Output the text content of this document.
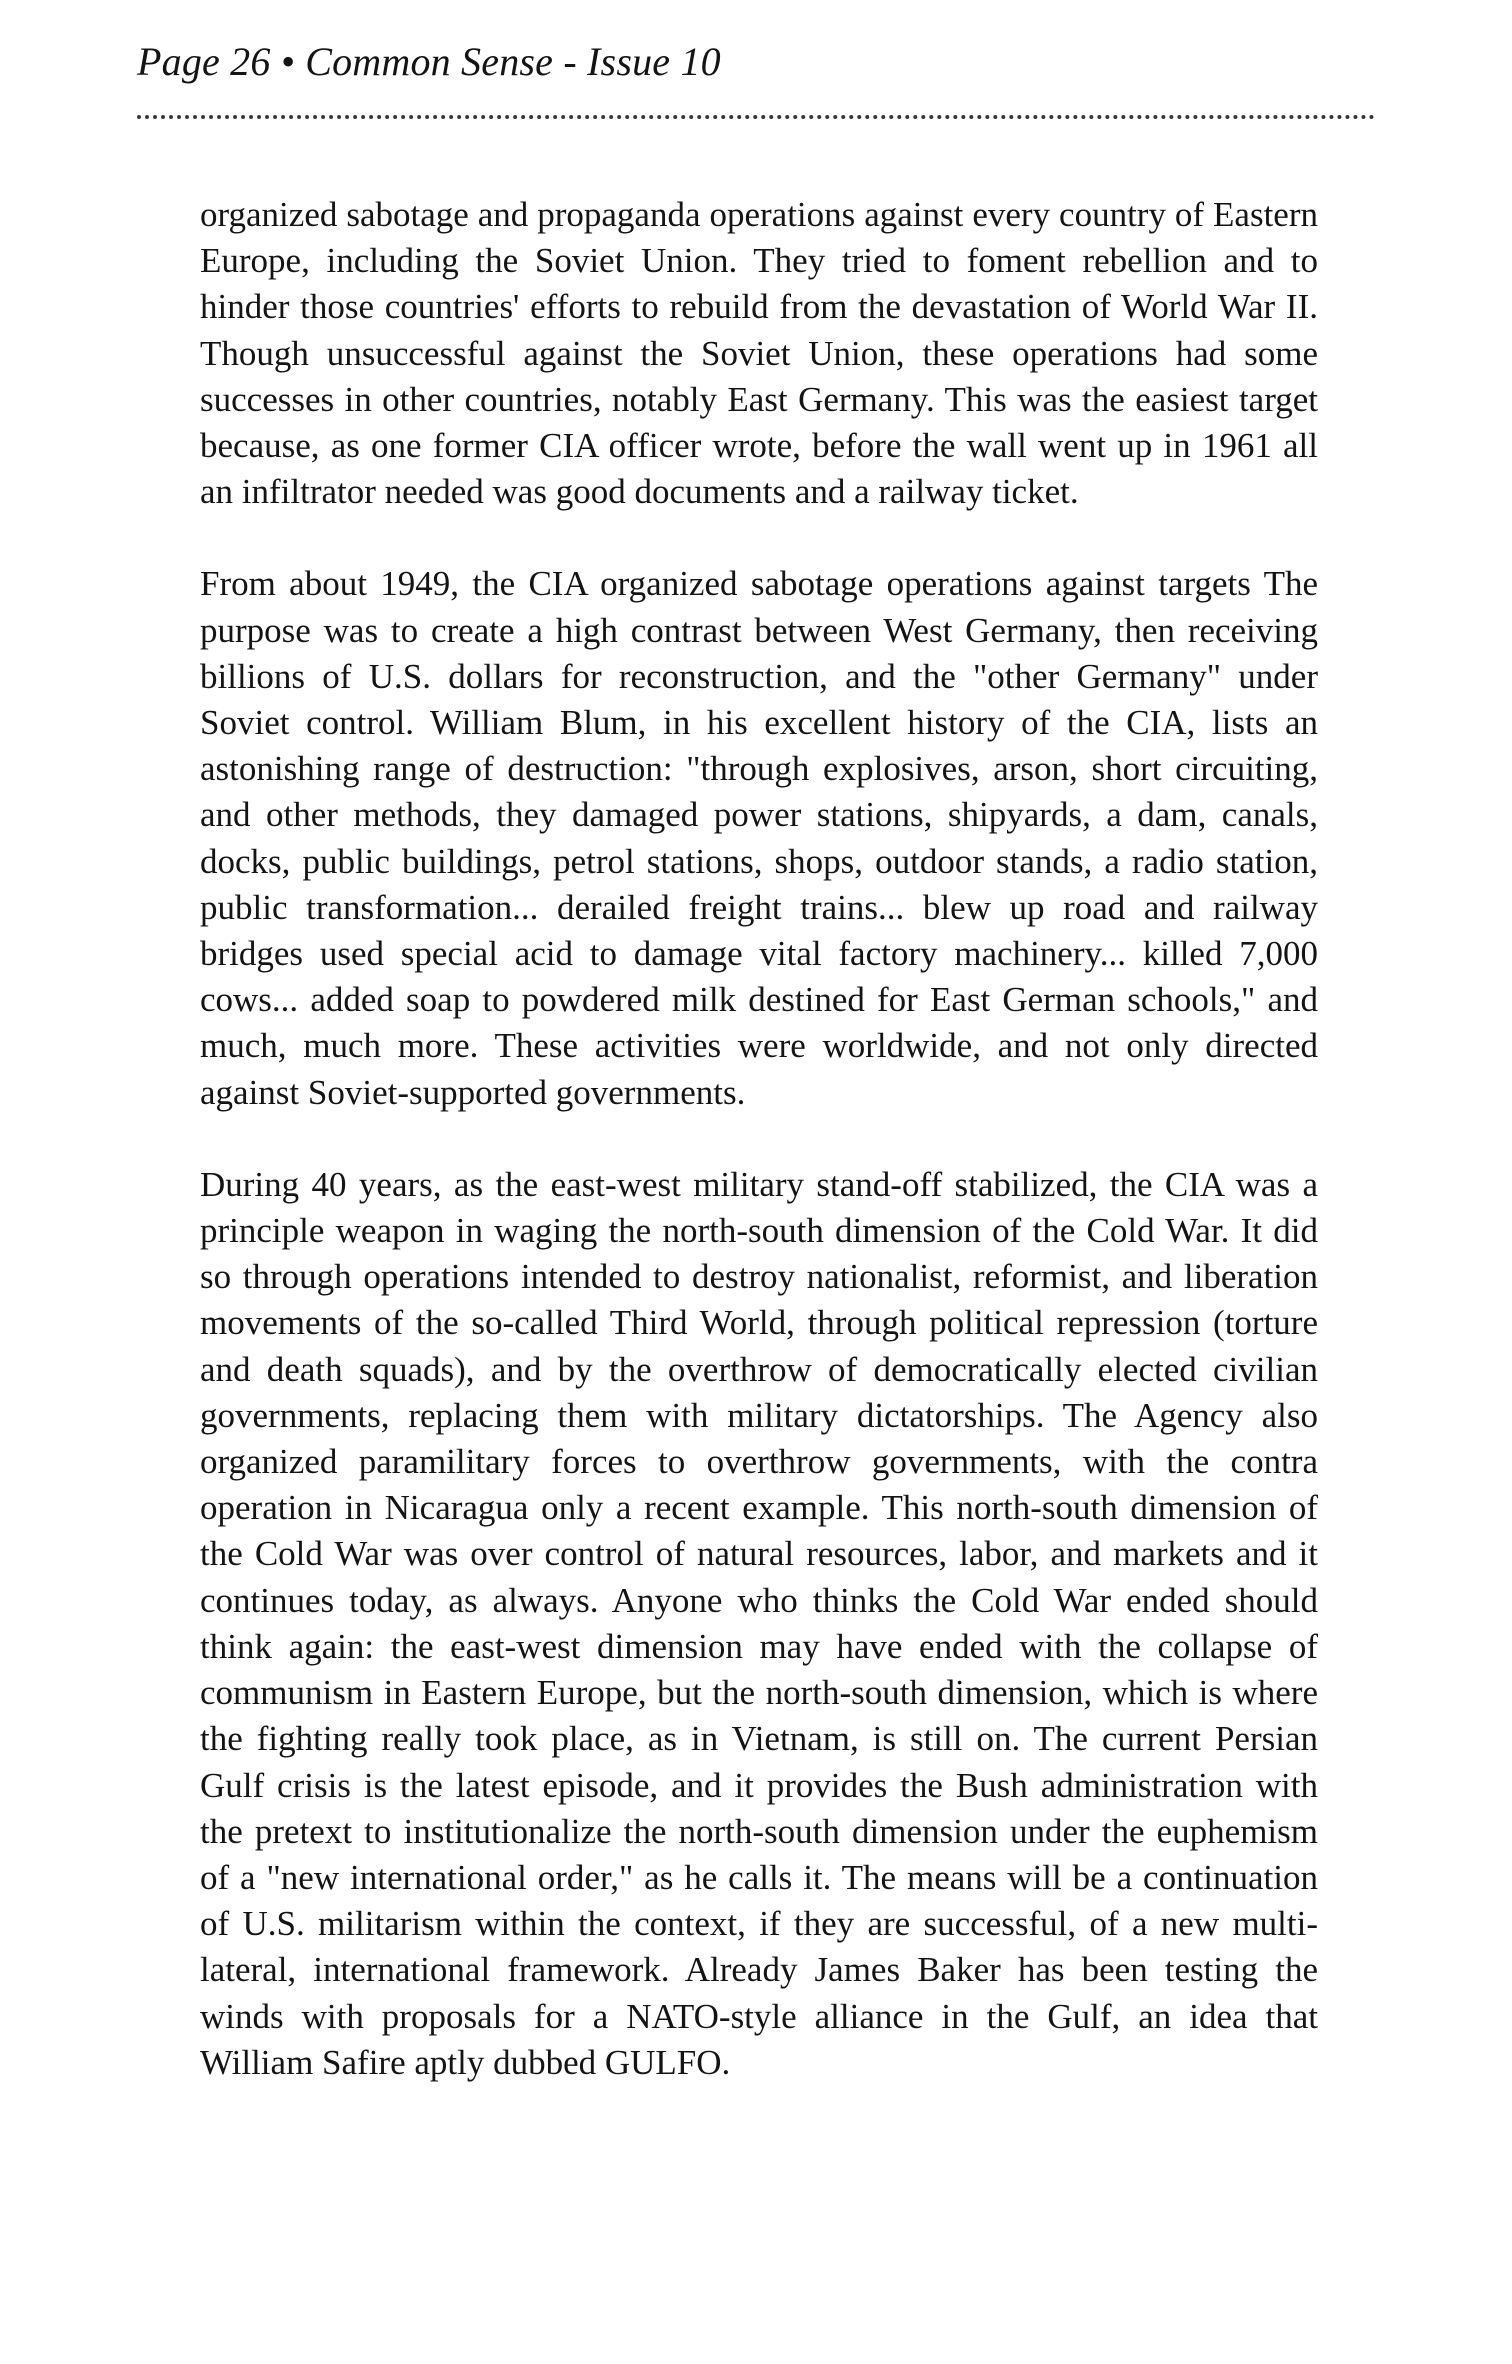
Page 26 • Common Sense - Issue 10

organized sabotage and propaganda operations against every country of Eastern Europe, including the Soviet Union. They tried to foment rebellion and to hinder those countries' efforts to rebuild from the devastation of World War II. Though unsuccessful against the Soviet Union, these operations had some successes in other countries, notably East Germany. This was the easiest target because, as one former CIA officer wrote, before the wall went up in 1961 all an infiltrator needed was good documents and a railway ticket.

From about 1949, the CIA organized sabotage operations against targets The purpose was to create a high contrast between West Germany, then receiving billions of U.S. dollars for reconstruction, and the "other Germany" under Soviet control. William Blum, in his excellent history of the CIA, lists an astonishing range of destruction: "through explosives, arson, short circuiting, and other methods, they damaged power stations, shipyards, a dam, canals, docks, public buildings, petrol stations, shops, outdoor stands, a radio station, public transformation... derailed freight trains... blew up road and railway bridges used special acid to damage vital factory machinery... killed 7,000 cows... added soap to powdered milk destined for East German schools," and much, much more. These activities were worldwide, and not only directed against Soviet-supported governments.

During 40 years, as the east-west military stand-off stabilized, the CIA was a principle weapon in waging the north-south dimension of the Cold War. It did so through operations intended to destroy nationalist, reformist, and liberation movements of the so-called Third World, through political repression (torture and death squads), and by the overthrow of democratically elected civilian governments, replacing them with military dictatorships. The Agency also organized paramilitary forces to overthrow governments, with the contra operation in Nicaragua only a recent example. This north-south dimension of the Cold War was over control of natural resources, labor, and markets and it continues today, as always. Anyone who thinks the Cold War ended should think again: the east-west dimension may have ended with the collapse of communism in Eastern Europe, but the north-south dimension, which is where the fighting really took place, as in Vietnam, is still on. The current Persian Gulf crisis is the latest episode, and it provides the Bush administration with the pretext to institutionalize the north-south dimension under the euphemism of a "new international order," as he calls it. The means will be a continuation of U.S. militarism within the context, if they are successful, of a new multi-lateral, international framework. Already James Baker has been testing the winds with proposals for a NATO-style alliance in the Gulf, an idea that William Safire aptly dubbed GULFO.
